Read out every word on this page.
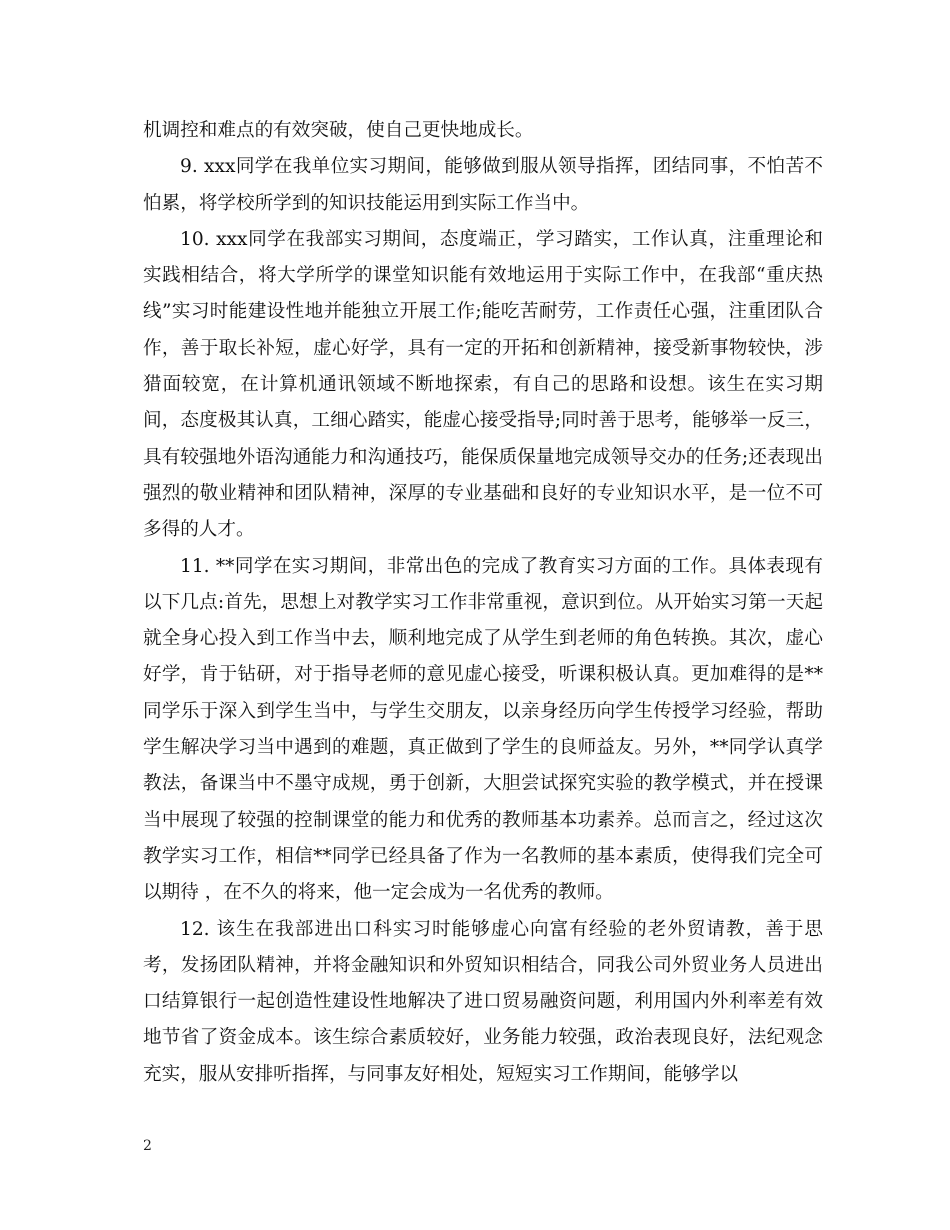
机调控和难点的有效突破，使自己更快地成长。

9. xxx同学在我单位实习期间，能够做到服从领导指挥，团结同事，不怕苦不怕累，将学校所学到的知识技能运用到实际工作当中。

10. xxx同学在我部实习期间，态度端正，学习踏实，工作认真，注重理论和实践相结合，将大学所学的课堂知识能有效地运用于实际工作中，在我部“重庆热线”实习时能建设性地并能独立开展工作;能吃苦耐劳，工作责任心强，注重团队合作，善于取长补短，虚心好学，具有一定的开拓和创新精神，接受新事物较快，涉猎面较宽，在计算机通讯领域不断地探索，有自己的思路和设想。该生在实习期间，态度极其认真，工细心踏实，能虚心接受指导;同时善于思考，能够举一反三，具有较强地外语沟通能力和沟通技巧，能保质保量地完成领导交办的任务;还表现出强烈的敬业精神和团队精神，深厚的专业基础和良好的专业知识水平，是一位不可多得的人才。

11. **同学在实习期间，非常出色的完成了教育实习方面的工作。具体表现有以下几点:首先，思想上对教学实习工作非常重视，意识到位。从开始实习第一天起就全身心投入到工作当中去，顺利地完成了从学生到老师的角色转换。其次，虚心好学，肯于钻研，对于指导老师的意见虚心接受，听课积极认真。更加难得的是**同学乐于深入到学生当中，与学生交朋友，以亲身经历向学生传授学习经验，帮助学生解决学习当中遇到的难题，真正做到了学生的良师益友。另外，**同学认真学教法，备课当中不墨守成规，勇于创新，大胆尝试探究实验的教学模式，并在授课当中展现了较强的控制课堂的能力和优秀的教师基本功素养。总而言之，经过这次教学实习工作，相信**同学已经具备了作为一名教师的基本素质，使得我们完全可以期待 ，在不久的将来，他一定会成为一名优秀的教师。

12. 该生在我部进出口科实习时能够虚心向富有经验的老外贸请教，善于思考，发扬团队精神，并将金融知识和外贸知识相结合，同我公司外贸业务人员进出口结算银行一起创造性建设性地解决了进口贸易融资问题，利用国内外利率差有效地节省了资金成本。该生综合素质较好，业务能力较强，政治表现良好，法纪观念充实，服从安排听指挥，与同事友好相处，短短实习工作期间，能够学以

2
